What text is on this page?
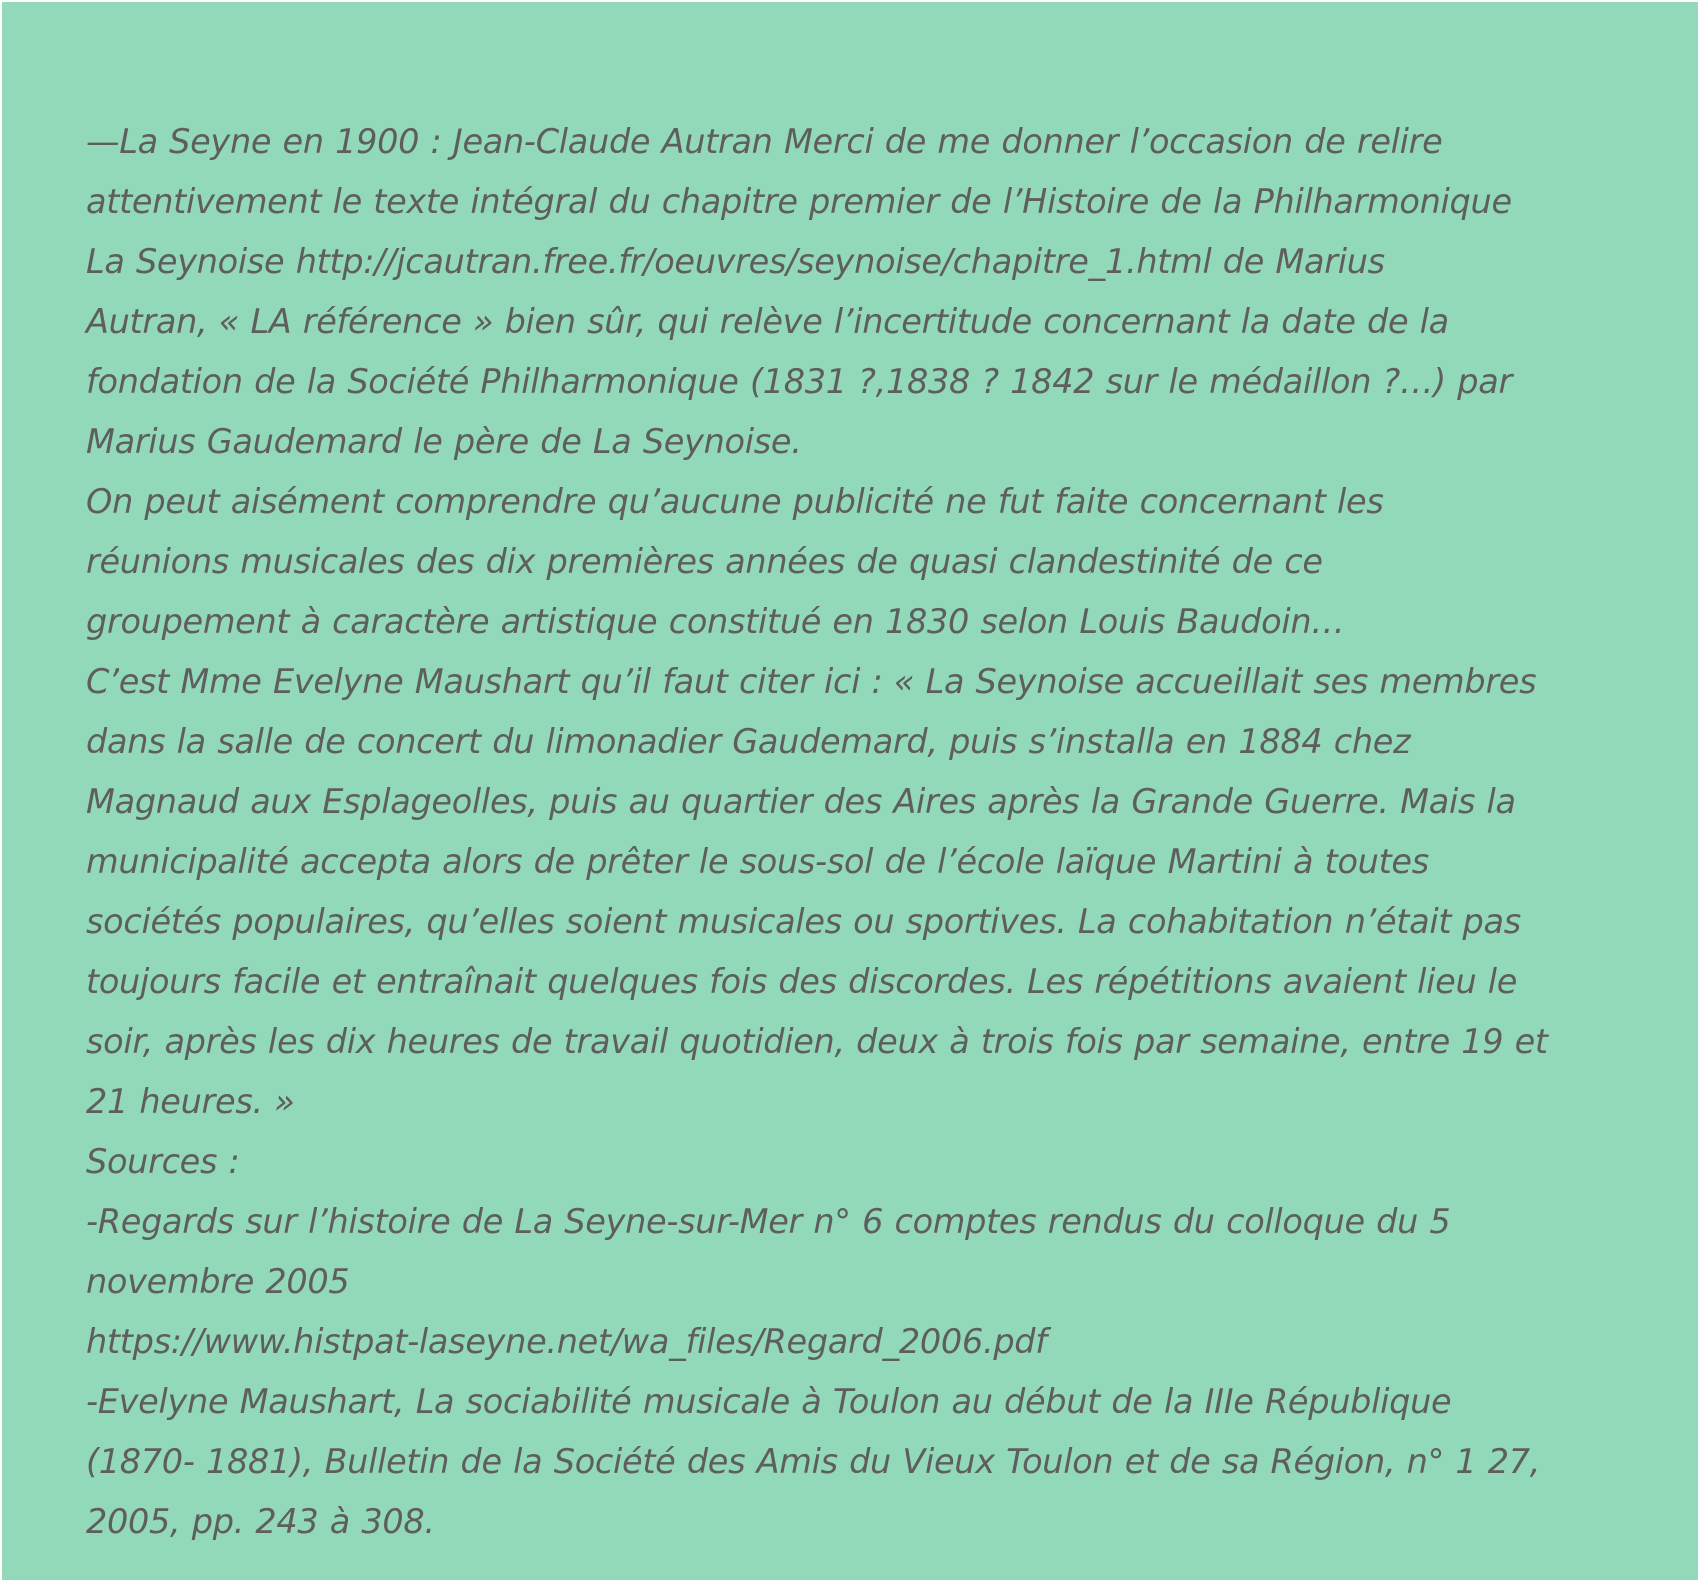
—La Seyne en 1900 : Jean-Claude Autran Merci de me donner l’occasion de relire
attentivement le texte intégral du chapitre premier de l’Histoire de la Philharmonique
La Seynoise http://jcautran.free.fr/oeuvres/seynoise/chapitre_1.html de Marius
Autran, « LA référence » bien sûr, qui relève l’incertitude concernant la date de la
fondation de la Société Philharmonique (1831 ?,1838 ? 1842 sur le médaillon ?…) par
Marius Gaudemard le père de La Seynoise.
On peut aisément comprendre qu’aucune publicité ne fut faite concernant les
réunions musicales des dix premières années de quasi clandestinité de ce
groupement à caractère artistique constitué en 1830 selon Louis Baudoin…
C’est Mme Evelyne Maushart qu’il faut citer ici : « La Seynoise accueillait ses membres
dans la salle de concert du limonadier Gaudemard, puis s’installa en 1884 chez
Magnaud aux Esplageolles, puis au quartier des Aires après la Grande Guerre. Mais la
municipalité accepta alors de prêter le sous-sol de l’école laïque Martini à toutes
sociétés populaires, qu’elles soient musicales ou sportives. La cohabitation n’était pas
toujours facile et entraînait quelques fois des discordes. Les répétitions avaient lieu le
soir, après les dix heures de travail quotidien, deux à trois fois par semaine, entre 19 et
21 heures. »
Sources :
-Regards sur l’histoire de La Seyne-sur-Mer n° 6 comptes rendus du colloque du 5
novembre 2005
https://www.histpat-laseyne.net/wa_files/Regard_2006.pdf
-Evelyne Maushart, La sociabilité musicale à Toulon au début de la IIIe République
(1870- 1881), Bulletin de la Société des Amis du Vieux Toulon et de sa Région, n° 1 27,
2005, pp. 243 à 308.
